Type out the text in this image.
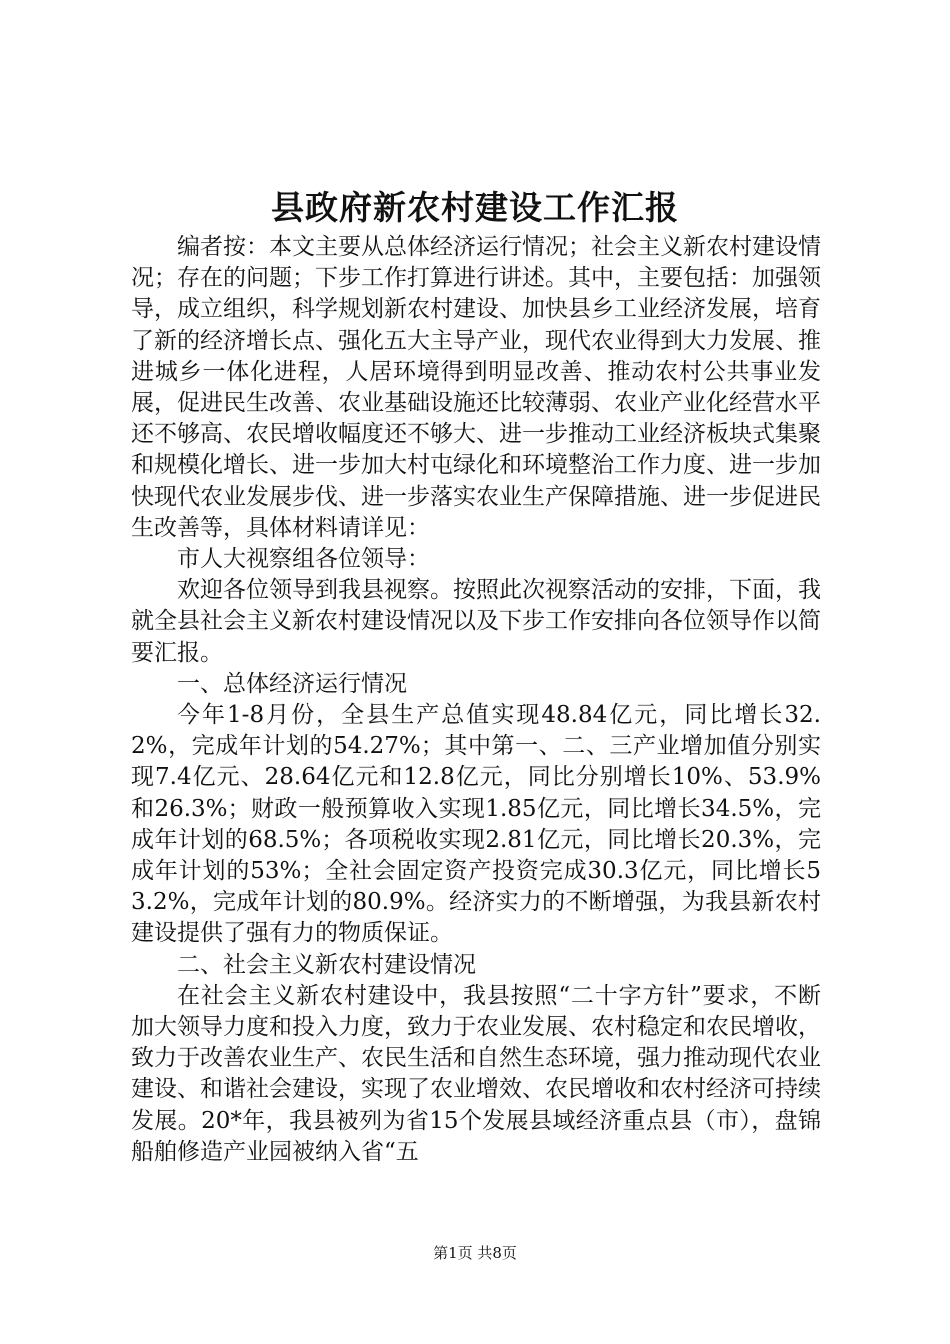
县政府新农村建设工作汇报

编者按：本文主要从总体经济运行情况；社会主义新农村建设情况；存在的问题；下步工作打算进行讲述。其中，主要包括：加强领导，成立组织，科学规划新农村建设、加快县乡工业经济发展，培育了新的经济增长点、强化五大主导产业，现代农业得到大力发展、推进城乡一体化进程，人居环境得到明显改善、推动农村公共事业发展，促进民生改善、农业基础设施还比较薄弱、农业产业化经营水平还不够高、农民增收幅度还不够大、进一步推动工业经济板块式集聚和规模化增长、进一步加大村屯绿化和环境整治工作力度、进一步加快现代农业发展步伐、进一步落实农业生产保障措施、进一步促进民生改善等，具体材料请详见：

市人大视察组各位领导：

欢迎各位领导到我县视察。按照此次视察活动的安排，下面，我就全县社会主义新农村建设情况以及下步工作安排向各位领导作以简要汇报。

一、总体经济运行情况

今年1-8月份，全县生产总值实现48.84亿元，同比增长32.2%，完成年计划的54.27%；其中第一、二、三产业增加值分别实现7.4亿元、28.64亿元和12.8亿元，同比分别增长10%、53.9%和26.3%；财政一般预算收入实现1.85亿元，同比增长34.5%，完成年计划的68.5%；各项税收实现2.81亿元，同比增长20.3%，完成年计划的53%；全社会固定资产投资完成30.3亿元，同比增长53.2%，完成年计划的80.9%。经济实力的不断增强，为我县新农村建设提供了强有力的物质保证。

二、社会主义新农村建设情况

在社会主义新农村建设中，我县按照“二十字方针”要求，不断加大领导力度和投入力度，致力于农业发展、农村稳定和农民增收，致力于改善农业生产、农民生活和自然生态环境，强力推动现代农业建设、和谐社会建设，实现了农业增效、农民增收和农村经济可持续发展。20*年，我县被列为省15个发展县域经济重点县（市），盘锦船舶修造产业园被纳入省“五

第1页 共8页
